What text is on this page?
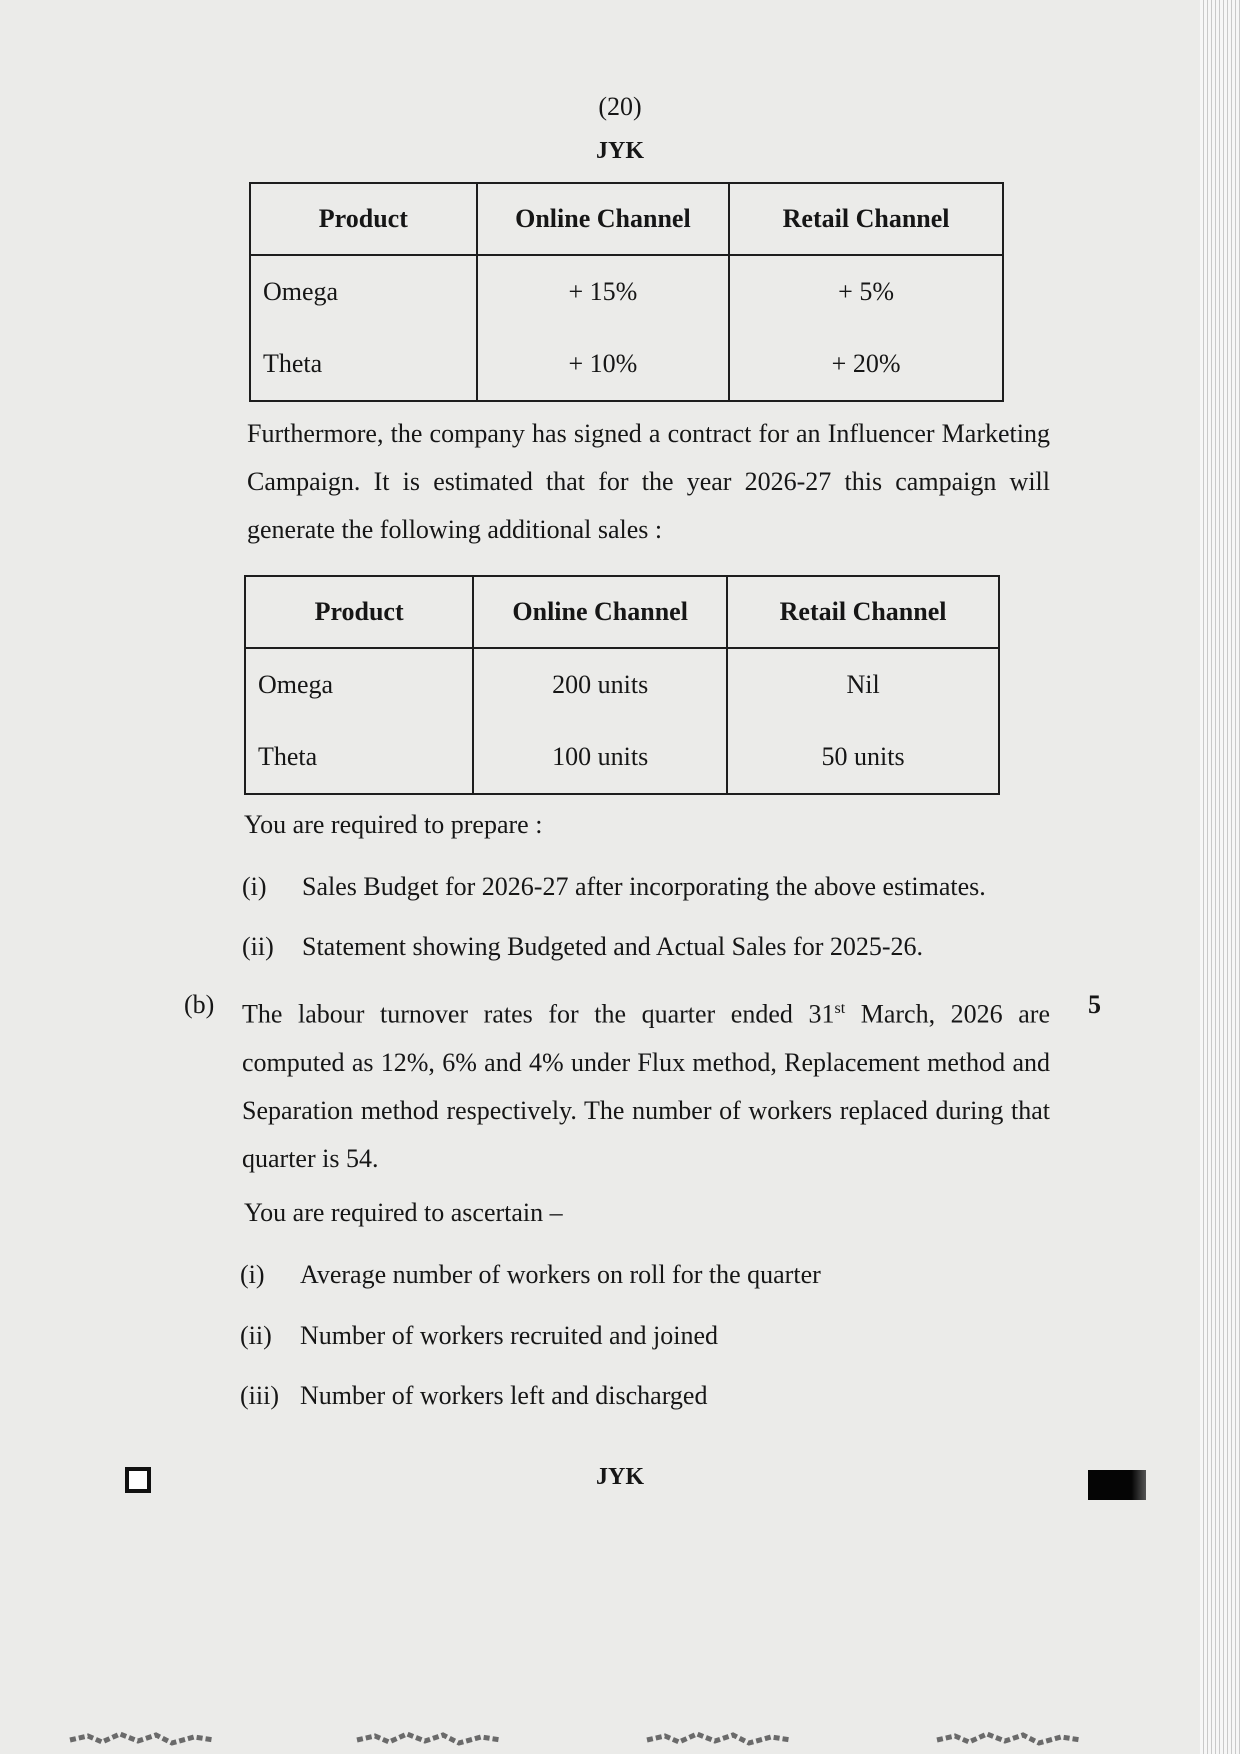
(20)
JYK
Product	Online Channel	Retail Channel
Omega	+ 15%	+ 5%
Theta	+ 10%	+ 20%
Furthermore, the company has signed a contract for an Influencer Marketing Campaign. It is estimated that for the year 2026-27 this campaign will generate the following additional sales :
Product	Online Channel	Retail Channel
Omega	200 units	Nil
Theta	100 units	50 units
You are required to prepare :
(i) Sales Budget for 2026-27 after incorporating the above estimates.
(ii) Statement showing Budgeted and Actual Sales for 2025-26.
(b)	5
The labour turnover rates for the quarter ended 31st March, 2026 are computed as 12%, 6% and 4% under Flux method, Replacement method and Separation method respectively. The number of workers replaced during that quarter is 54.
You are required to ascertain –
(i) Average number of workers on roll for the quarter
(ii) Number of workers recruited and joined
(iii) Number of workers left and discharged
JYK
